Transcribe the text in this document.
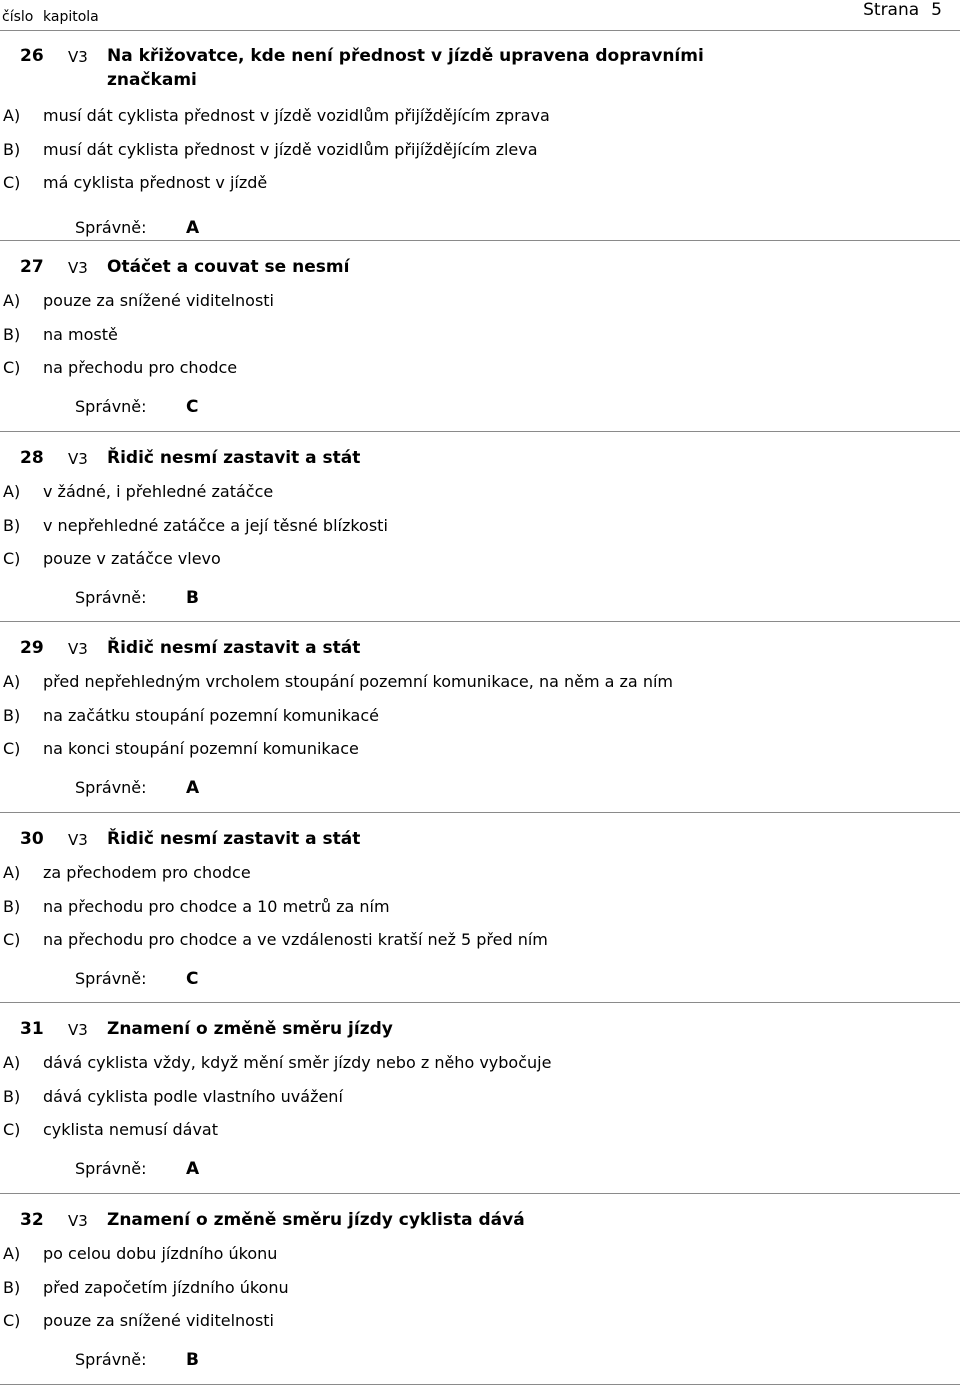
číslo kapitola	Strana 5
26 V3 Na křižovatce, kde není přednost v jízdě upravena dopravními značkami
A) musí dát cyklista přednost v jízdě vozidlům přijíždějícím zprava
B) musí dát cyklista přednost v jízdě vozidlům přijíždějícím zleva
C) má cyklista přednost v jízdě
Správně: A
27 V3 Otáčet a couvat se nesmí
A) pouze za snížené viditelnosti
B) na mostě
C) na přechodu pro chodce
Správně: C
28 V3 Řidič nesmí zastavit a stát
A) v žádné, i přehledné zatáčce
B) v nepřehledné zatáčce a její těsné blízkosti
C) pouze v zatáčce vlevo
Správně: B
29 V3 Řidič nesmí zastavit a stát
A) před nepřehledným vrcholem stoupání pozemní komunikace, na něm a za ním
B) na začátku stoupání pozemní komunikacé
C) na konci stoupání pozemní komunikace
Správně: A
30 V3 Řidič nesmí zastavit a stát
A) za přechodem pro chodce
B) na přechodu pro chodce a 10 metrů za ním
C) na přechodu pro chodce a ve vzdálenosti kratší než 5 před ním
Správně: C
31 V3 Znamení o změně směru jízdy
A) dává cyklista vždy, když mění směr jízdy nebo z něho vybočuje
B) dává cyklista podle vlastního uvážení
C) cyklista nemusí dávat
Správně: A
32 V3 Znamení o změně směru jízdy cyklista dává
A) po celou dobu jízdního úkonu
B) před započetím jízdního úkonu
C) pouze za snížené viditelnosti
Správně: B
